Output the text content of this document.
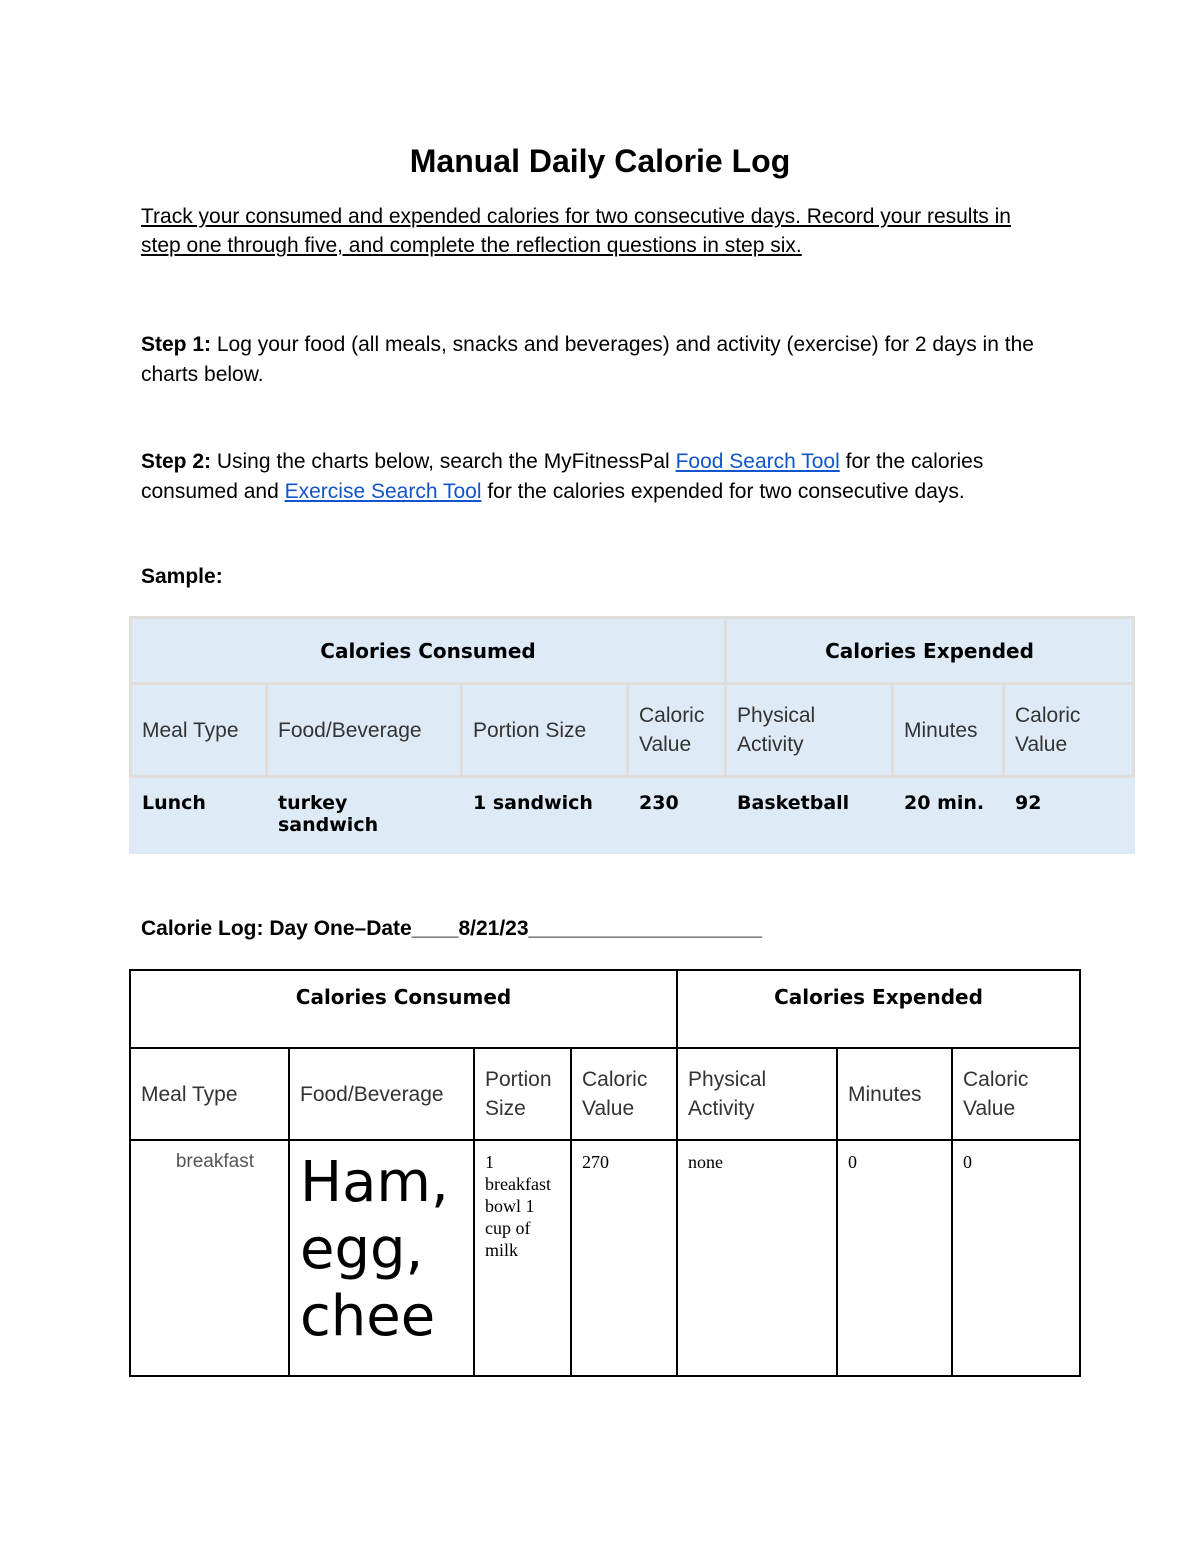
Manual Daily Calorie Log

Track your consumed and expended calories for two consecutive days. Record your results in step one through five, and complete the reflection questions in step six.

Step 1: Log your food (all meals, snacks and beverages) and activity (exercise) for 2 days in the charts below.

Step 2: Using the charts below, search the MyFitnessPal Food Search Tool for the calories consumed and Exercise Search Tool for the calories expended for two consecutive days.

Sample:

Calories Consumed				Calories Expended		
Meal Type	Food/Beverage	Portion Size	Caloric Value	Physical Activity	Minutes	Caloric Value
Lunch	turkey sandwich	1 sandwich	230	Basketball	20 min.	92

Calorie Log: Day One–Date____8/21/23____________________

Calories Consumed				Calories Expended		
Meal Type	Food/Beverage	Portion Size	Caloric Value	Physical Activity	Minutes	Caloric Value
breakfast	Ham, egg, chee	1 breakfast bowl 1 cup of milk	270	none	0	0
